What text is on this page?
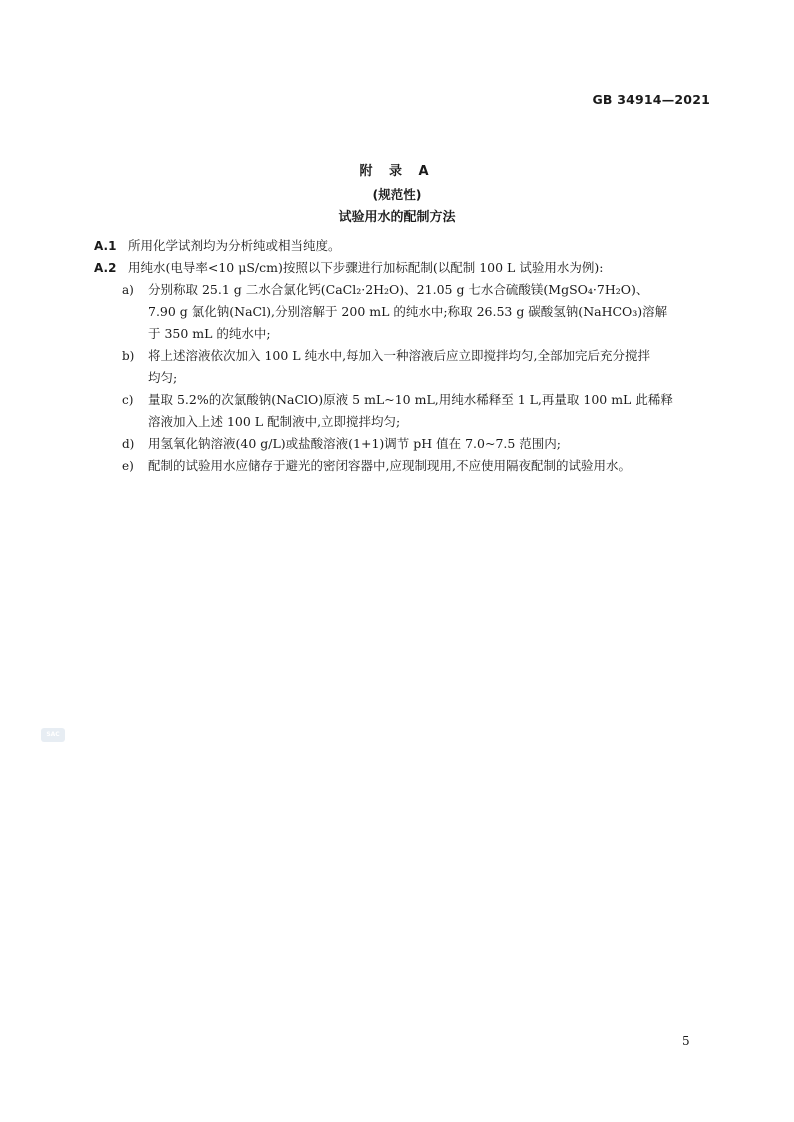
GB 34914—2021
附 录 A
(规范性)
试验用水的配制方法
A.1 所用化学试剂均为分析纯或相当纯度。
A.2 用纯水(电导率<10 μS/cm)按照以下步骤进行加标配制(以配制 100 L 试验用水为例):
a)	分别称取 25.1 g 二水合氯化钙(CaCl₂·2H₂O)、21.05 g 七水合硫酸镁(MgSO₄·7H₂O)、
7.90 g 氯化钠(NaCl),分别溶解于 200 mL 的纯水中;称取 26.53 g 碳酸氢钠(NaHCO₃)溶解
于 350 mL 的纯水中;
b)	将上述溶液依次加入 100 L 纯水中,每加入一种溶液后应立即搅拌均匀,全部加完后充分搅拌
均匀;
c)	量取 5.2%的次氯酸钠(NaClO)原液 5 mL~10 mL,用纯水稀释至 1 L,再量取 100 mL 此稀释
溶液加入上述 100 L 配制液中,立即搅拌均匀;
d)	用氢氧化钠溶液(40 g/L)或盐酸溶液(1+1)调节 pH 值在 7.0~7.5 范围内;
e)	配制的试验用水应储存于避光的密闭容器中,应现制现用,不应使用隔夜配制的试验用水。
SAC
5
